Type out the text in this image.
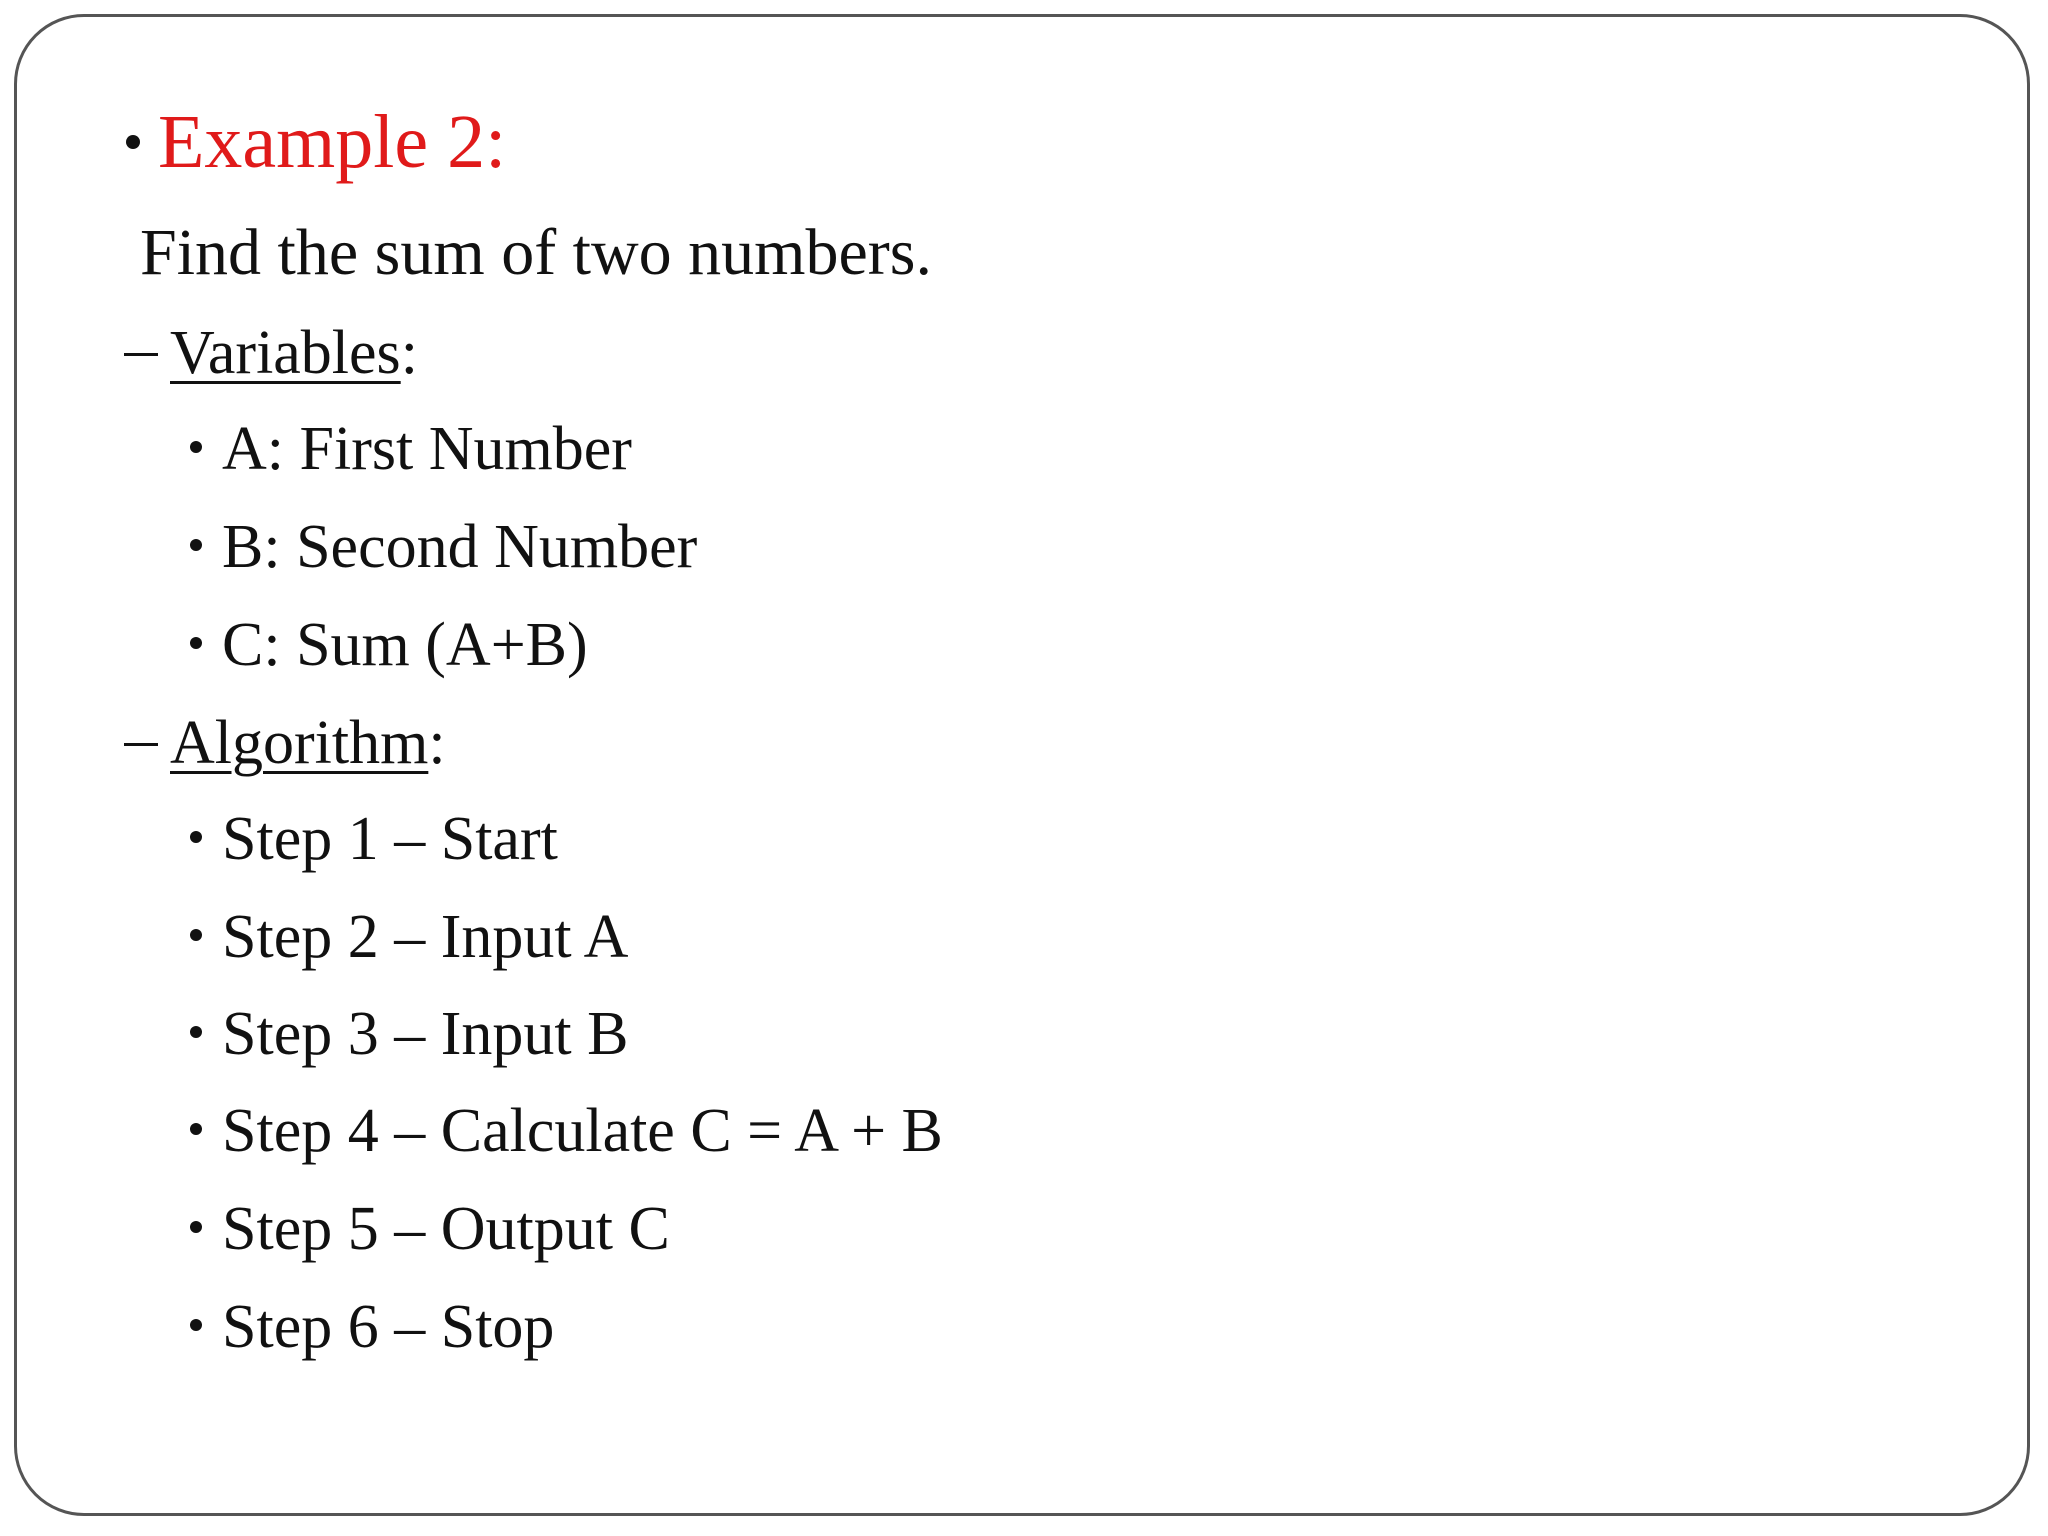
Example 2:
Find the sum of two numbers.
Variables:
A: First Number
B: Second Number
C: Sum (A+B)
Algorithm:
Step 1 – Start
Step 2 – Input A
Step 3 – Input B
Step 4 – Calculate C = A + B
Step 5 – Output C
Step 6 – Stop
